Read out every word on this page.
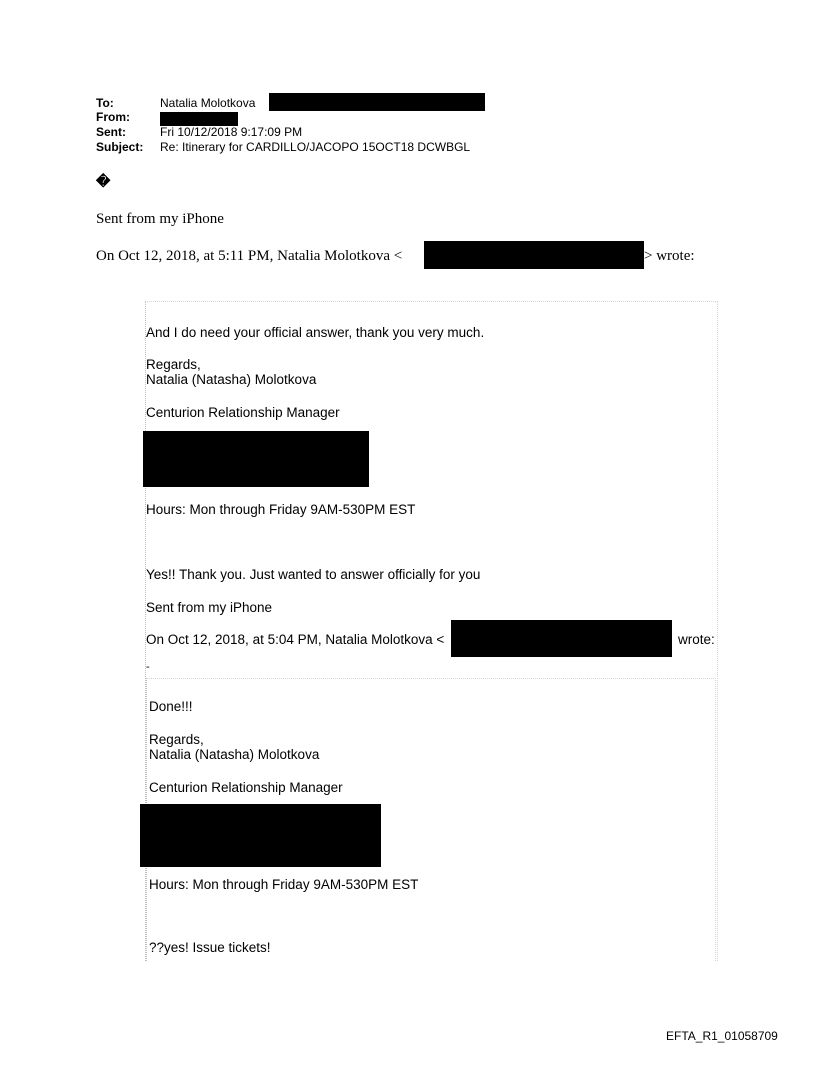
To:	Natalia Molotkova
From:
Sent:	Fri 10/12/2018 9:17:09 PM
Subject: Re: Itinerary for CARDILLO/JACOPO 15OCT18 DCWBGL
�
Sent from my iPhone
On Oct 12, 2018, at 5:11 PM, Natalia Molotkova <	> wrote:
And I do need your official answer, thank you very much.
Regards,
Natalia (Natasha) Molotkova
Centurion Relationship Manager
Hours: Mon through Friday 9AM-530PM EST
Yes!! Thank you. Just wanted to answer officially for you
Sent from my iPhone
On Oct 12, 2018, at 5:04 PM, Natalia Molotkova <	wrote:
-
Done!!!
Regards,
Natalia (Natasha) Molotkova
Centurion Relationship Manager
Hours: Mon through Friday 9AM-530PM EST
??yes! Issue tickets!
EFTA_R1_01058709
